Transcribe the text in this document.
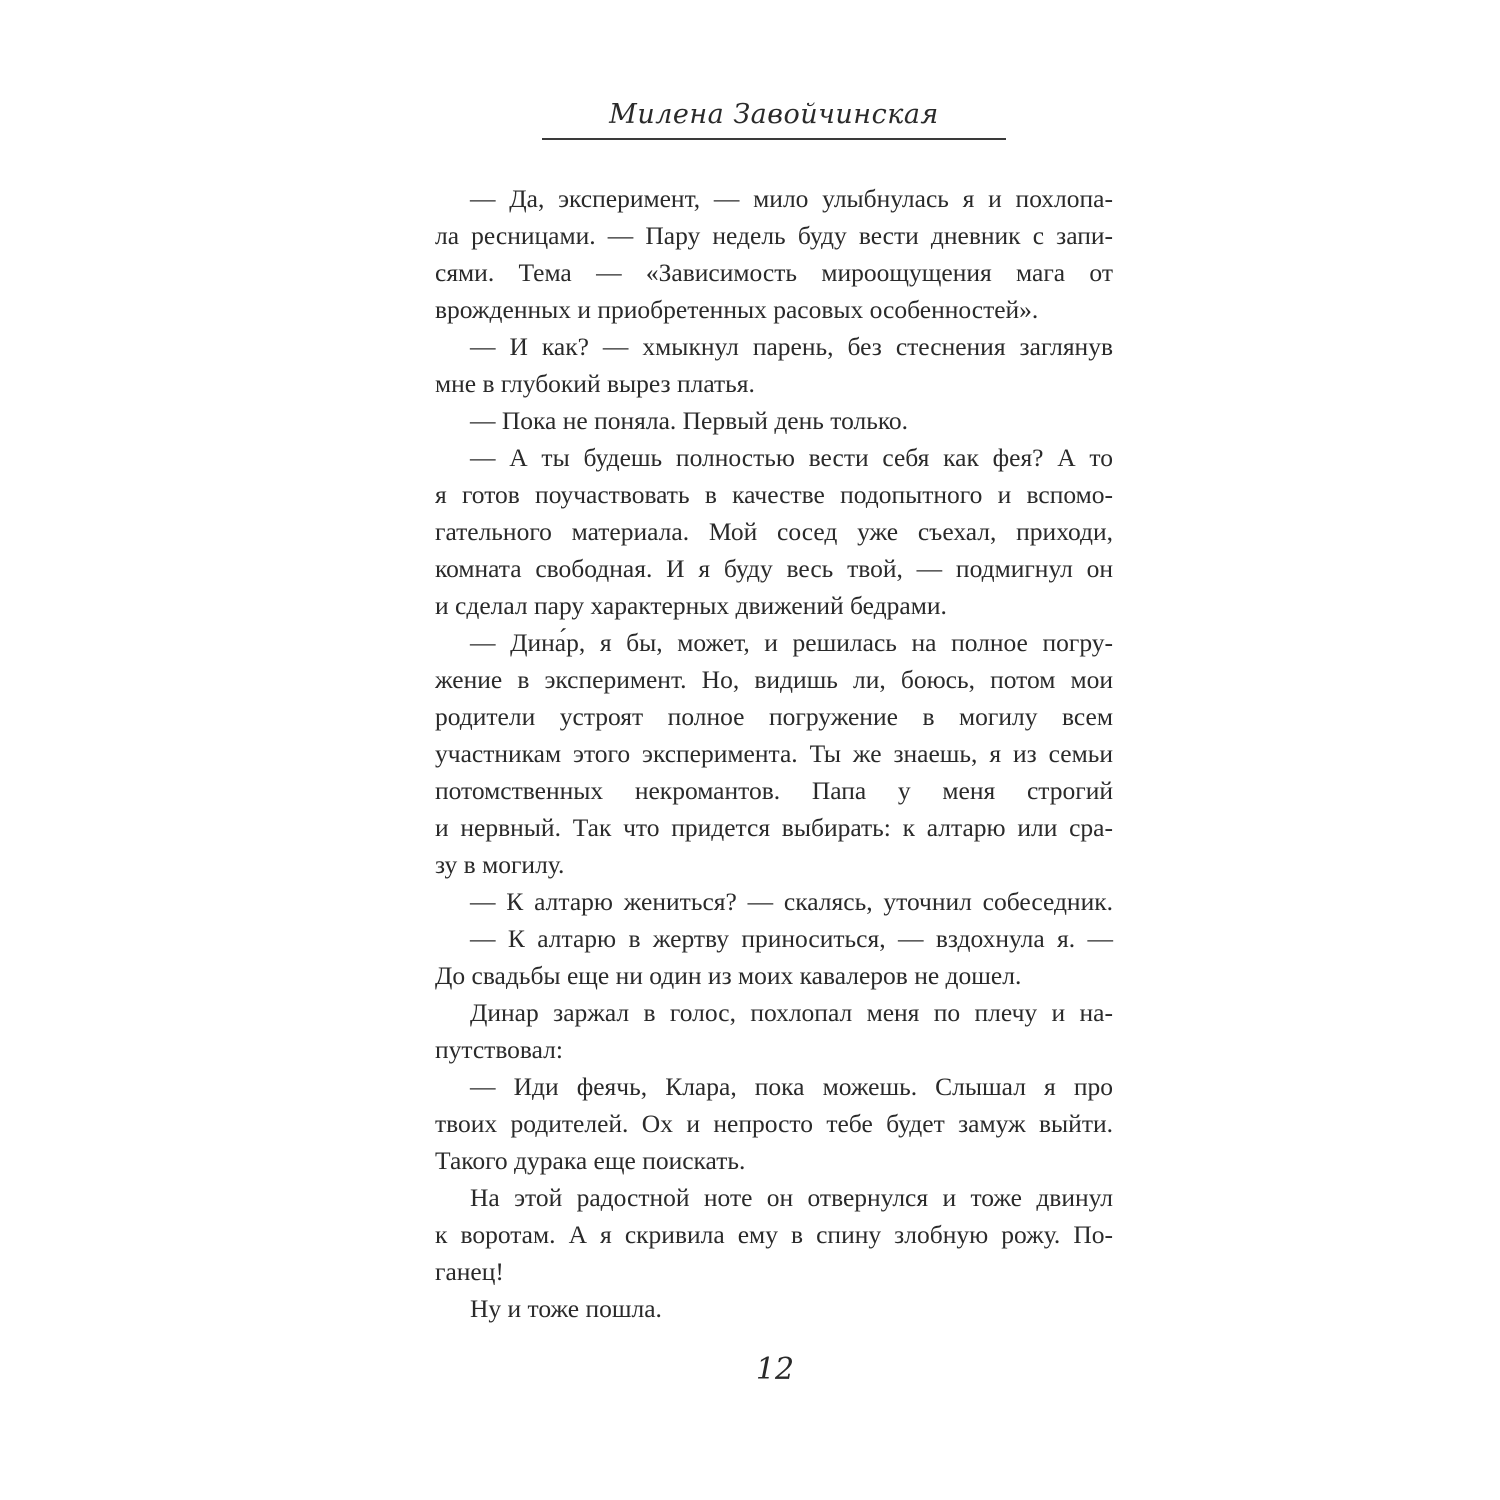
Милена Завойчинская
— Да, эксперимент, — мило улыбнулась я и похлопа-
ла ресницами. — Пару недель буду вести дневник с запи-
сями. Тема — «Зависимость мироощущения мага от
врожденных и приобретенных расовых особенностей».
— И как? — хмыкнул парень, без стеснения заглянув
мне в глубокий вырез платья.
— Пока не поняла. Первый день только.
— А ты будешь полностью вести себя как фея? А то
я готов поучаствовать в качестве подопытного и вспомо-
гательного материала. Мой сосед уже съехал, приходи,
комната свободная. И я буду весь твой, — подмигнул он
и сделал пару характерных движений бедрами.
— Дина́р, я бы, может, и решилась на полное погру-
жение в эксперимент. Но, видишь ли, боюсь, потом мои
родители устроят полное погружение в могилу всем
участникам этого эксперимента. Ты же знаешь, я из семьи
потомственных некромантов. Папа у меня строгий
и нервный. Так что придется выбирать: к алтарю или сра-
зу в могилу.
— К алтарю жениться? — скалясь, уточнил собеседник.
— К алтарю в жертву приноситься, — вздохнула я. —
До свадьбы еще ни один из моих кавалеров не дошел.
Динар заржал в голос, похлопал меня по плечу и на-
путствовал:
— Иди феячь, Клара, пока можешь. Слышал я про
твоих родителей. Ох и непросто тебе будет замуж выйти.
Такого дурака еще поискать.
На этой радостной ноте он отвернулся и тоже двинул
к воротам. А я скривила ему в спину злобную рожу. По-
ганец!
Ну и тоже пошла.
12
